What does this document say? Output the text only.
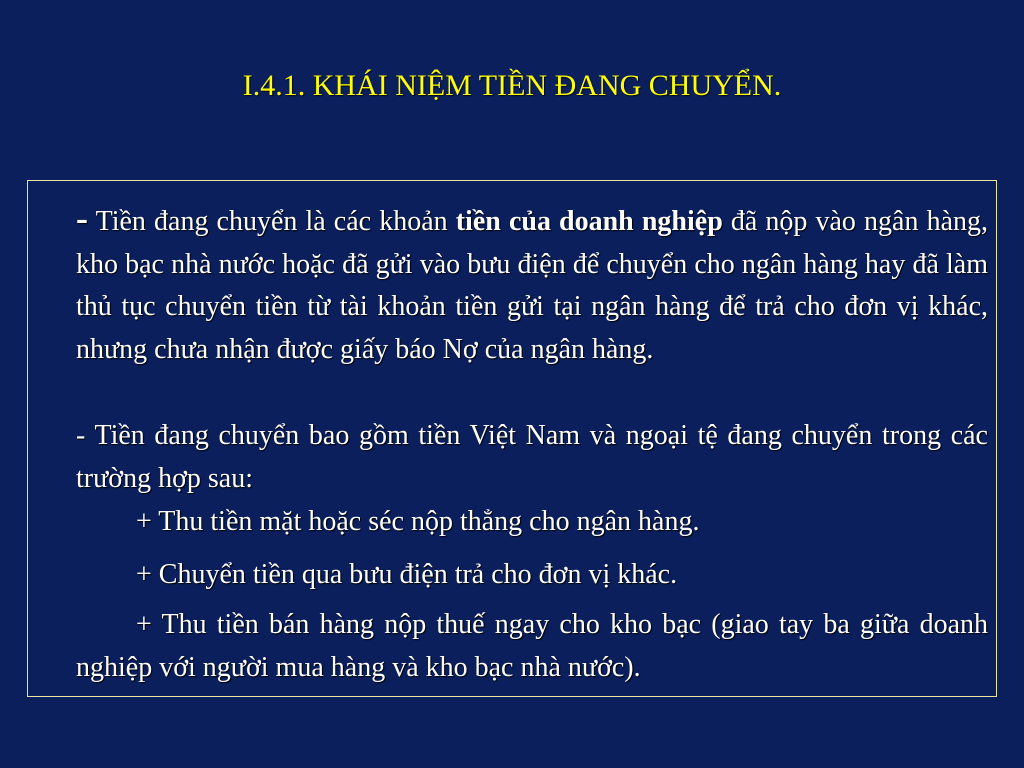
I.4.1. KHÁI NIỆM TIỀN ĐANG CHUYỂN.
- Tiền đang chuyển là các khoản tiền của doanh nghiệp đã nộp vào ngân hàng, kho bạc nhà nước hoặc đã gửi vào bưu điện để chuyển cho ngân hàng hay đã làm thủ tục chuyển tiền từ tài khoản tiền gửi tại ngân hàng để trả cho đơn vị khác, nhưng chưa nhận được giấy báo Nợ của ngân hàng.
- Tiền đang chuyển bao gồm tiền Việt Nam và ngoại tệ đang chuyển trong các trường hợp sau:
+ Thu tiền mặt hoặc séc nộp thẳng cho ngân hàng.
+ Chuyển tiền qua bưu điện trả cho đơn vị khác.
+ Thu tiền bán hàng nộp thuế ngay cho kho bạc (giao tay ba giữa doanh nghiệp với người mua hàng và kho bạc nhà nước).
